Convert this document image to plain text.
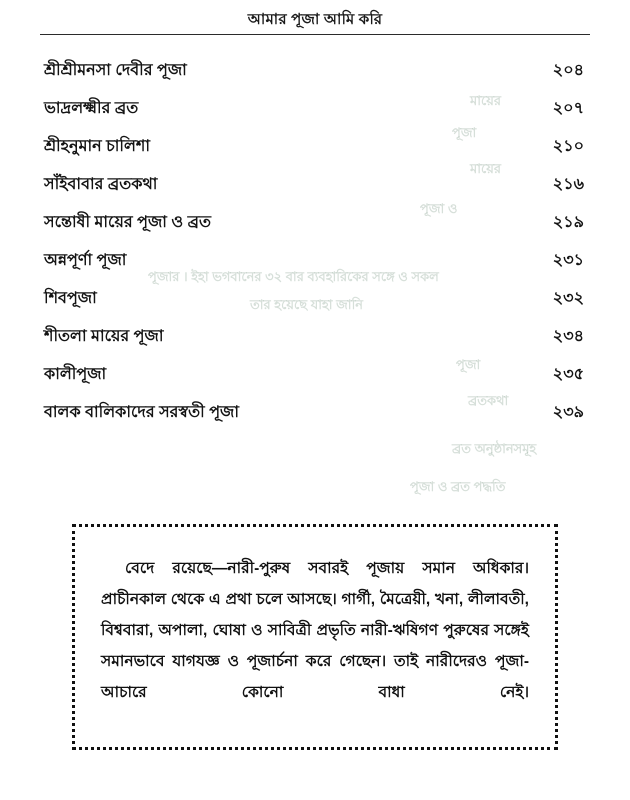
আমার পূজা আমি করি
মায়ের
পূজা
মায়ের
পূজা ও
পূজার । ইহা ভগবানের ৩২ বার ব্যবহারিকের সঙ্গে ও সকল
তার হয়েছে যাহা জানি
পূজা
ব্রতকথা
ব্রত অনুষ্ঠানসমূহ
পূজা ও ব্রত পদ্ধতি
শ্রীশ্রীমনসা দেবীর পূজা	২০৪
ভাদ্রলক্ষ্মীর ব্রত	২০৭
শ্রীহনুমান চালিশা	২১০
সাঁইবাবার ব্রতকথা	২১৬
সন্তোষী মায়ের পূজা ও ব্রত	২১৯
অন্নপূর্ণা পূজা	২৩১
শিবপূজা	২৩২
শীতলা মায়ের পূজা	২৩৪
কালীপূজা	২৩৫
বালক বালিকাদের সরস্বতী পূজা	২৩৯

বেদে রয়েছে—নারী-পুরুষ সবারই পূজায় সমান অধিকার। প্রাচীনকাল থেকে এ প্রথা চলে আসছে। গার্গী, মৈত্রেয়ী, খনা, লীলাবতী, বিশ্ববারা, অপালা, ঘোষা ও সাবিত্রী প্রভৃতি নারী-ঋষিগণ পুরুষের সঙ্গেই সমানভাবে যাগযজ্ঞ ও পূজার্চনা করে গেছেন। তাই নারীদেরও পূজা-আচারে কোনো বাধা নেই।
